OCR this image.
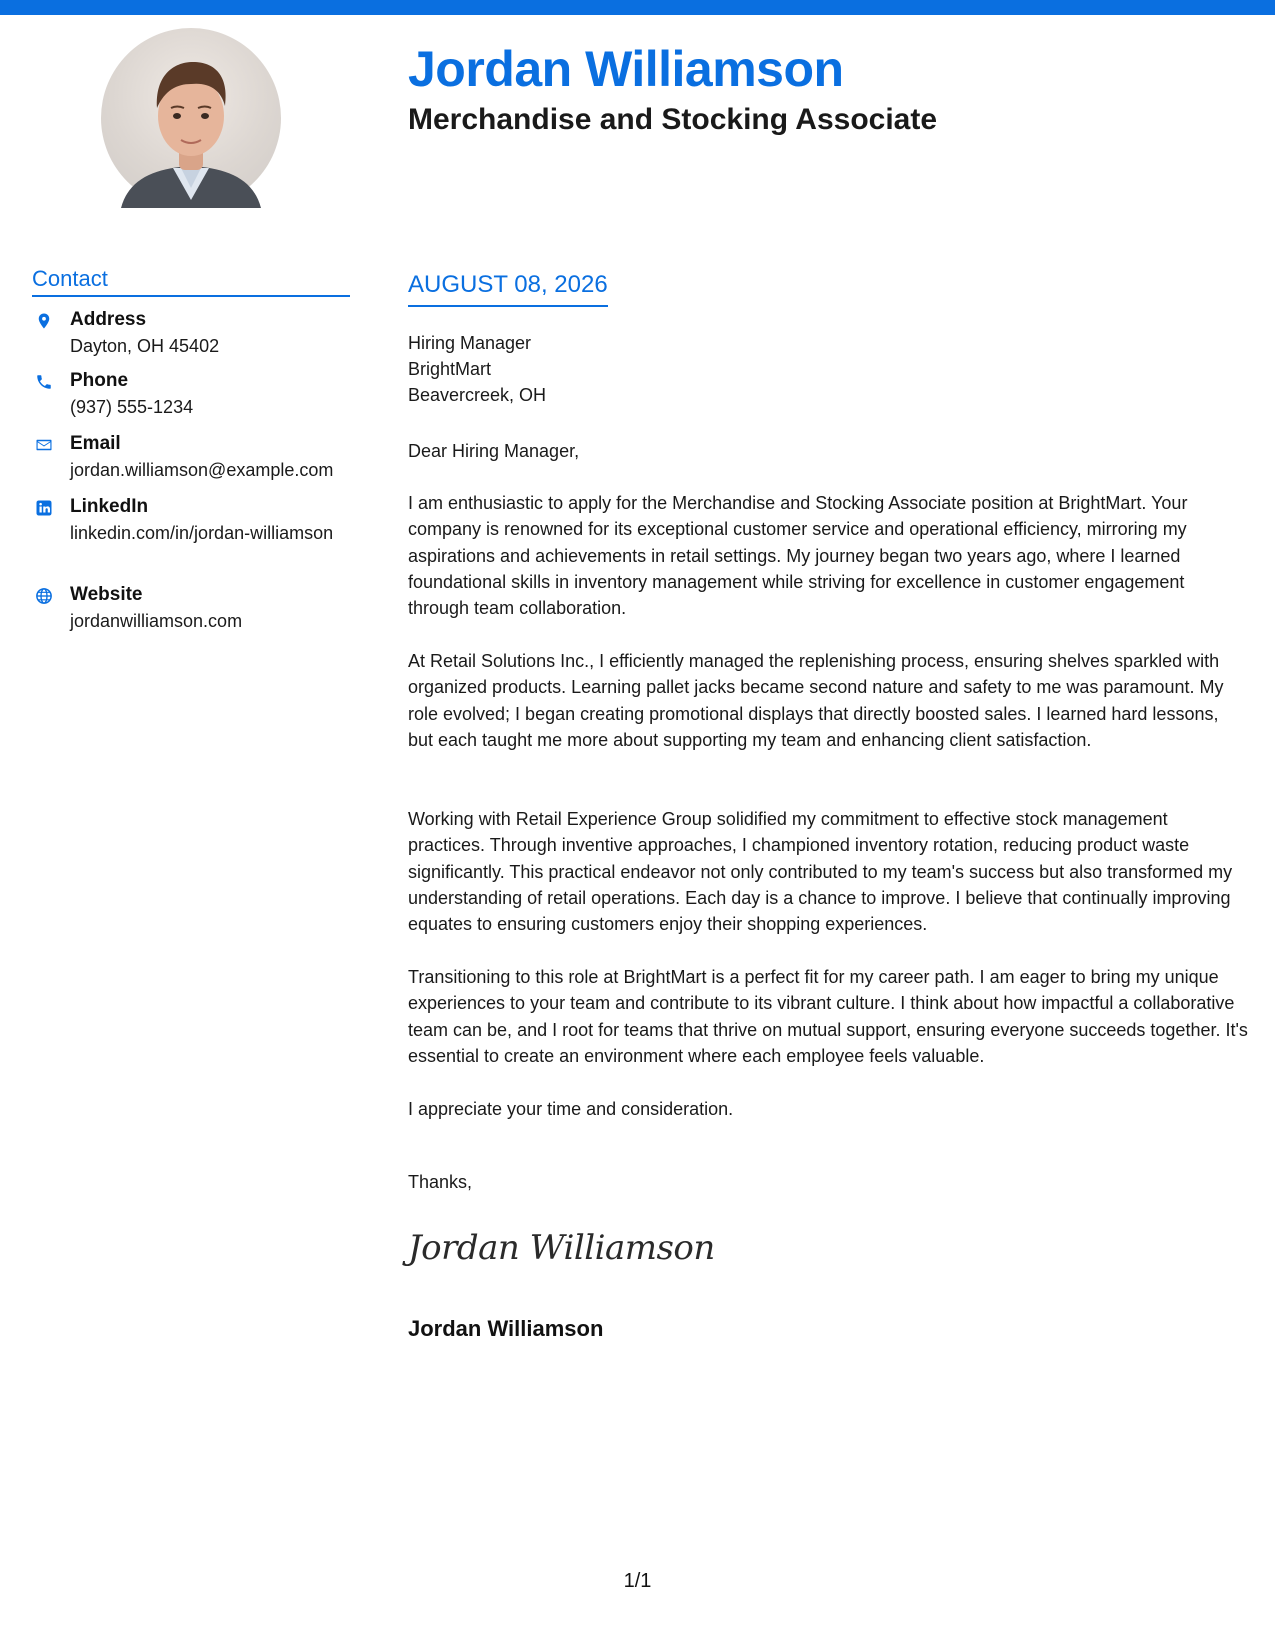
Jordan Williamson
Merchandise and Stocking Associate
Contact
Address
Dayton, OH 45402
Phone
(937) 555-1234
Email
jordan.williamson@example.com
LinkedIn
linkedin.com/in/jordan-williamson
Website
jordanwilliamson.com
AUGUST 08, 2026
Hiring Manager
BrightMart
Beavercreek, OH
Dear Hiring Manager,

I am enthusiastic to apply for the Merchandise and Stocking Associate position at BrightMart. Your company is renowned for its exceptional customer service and operational efficiency, mirroring my aspirations and achievements in retail settings. My journey began two years ago, where I learned foundational skills in inventory management while striving for excellence in customer engagement through team collaboration.

At Retail Solutions Inc., I efficiently managed the replenishing process, ensuring shelves sparkled with organized products. Learning pallet jacks became second nature and safety to me was paramount. My role evolved; I began creating promotional displays that directly boosted sales. I learned hard lessons, but each taught me more about supporting my team and enhancing client satisfaction.

Working with Retail Experience Group solidified my commitment to effective stock management practices. Through inventive approaches, I championed inventory rotation, reducing product waste significantly. This practical endeavor not only contributed to my team's success but also transformed my understanding of retail operations. Each day is a chance to improve. I believe that continually improving equates to ensuring customers enjoy their shopping experiences.

Transitioning to this role at BrightMart is a perfect fit for my career path. I am eager to bring my unique experiences to your team and contribute to its vibrant culture. I think about how impactful a collaborative team can be, and I root for teams that thrive on mutual support, ensuring everyone succeeds together. It's essential to create an environment where each employee feels valuable.

I appreciate your time and consideration.

Thanks,
Jordan Williamson
Jordan Williamson
1/1
